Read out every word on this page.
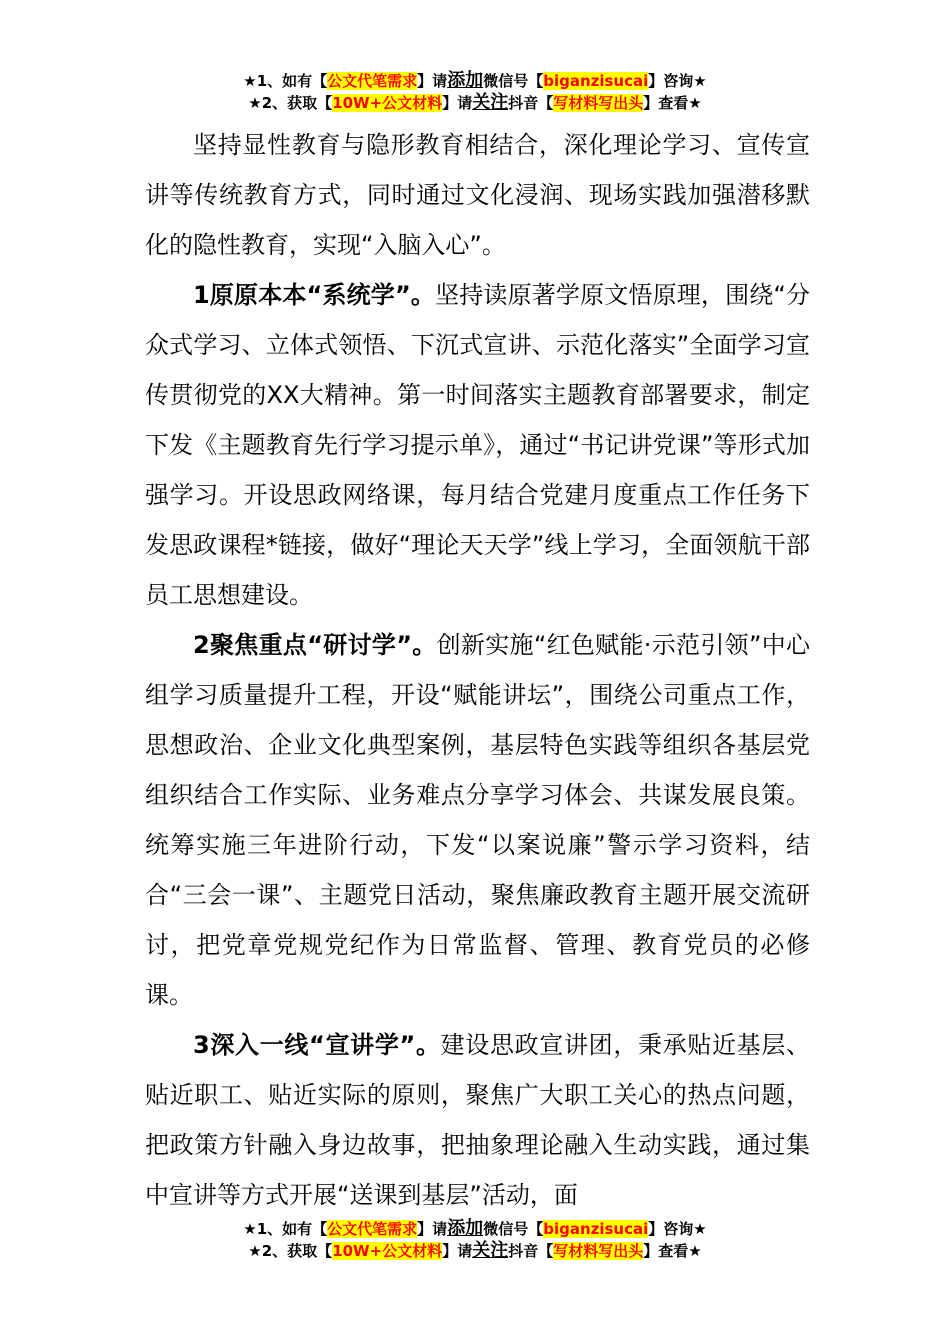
★1、如有【公文代笔需求】请添加微信号【biganzisucai】咨询★
★2、获取【10W+公文材料】请关注抖音【写材料写出头】查看★

坚持显性教育与隐形教育相结合，深化理论学习、宣传宣讲等传统教育方式，同时通过文化浸润、现场实践加强潜移默化的隐性教育，实现“入脑入心”。

1原原本本“系统学”。坚持读原著学原文悟原理，围绕“分众式学习、立体式领悟、下沉式宣讲、示范化落实”全面学习宣传贯彻党的XX大精神。第一时间落实主题教育部署要求，制定下发《主题教育先行学习提示单》，通过“书记讲党课”等形式加强学习。开设思政网络课，每月结合党建月度重点工作任务下发思政课程*链接，做好“理论天天学”线上学习，全面领航干部员工思想建设。

2聚焦重点“研讨学”。创新实施“红色赋能·示范引领”中心组学习质量提升工程，开设“赋能讲坛”，围绕公司重点工作，思想政治、企业文化典型案例，基层特色实践等组织各基层党组织结合工作实际、业务难点分享学习体会、共谋发展良策。统筹实施三年进阶行动，下发“以案说廉”警示学习资料，结合“三会一课”、主题党日活动，聚焦廉政教育主题开展交流研讨，把党章党规党纪作为日常监督、管理、教育党员的必修课。

3深入一线“宣讲学”。建设思政宣讲团，秉承贴近基层、贴近职工、贴近实际的原则，聚焦广大职工关心的热点问题，把政策方针融入身边故事，把抽象理论融入生动实践，通过集中宣讲等方式开展“送课到基层”活动，面

★1、如有【公文代笔需求】请添加微信号【biganzisucai】咨询★
★2、获取【10W+公文材料】请关注抖音【写材料写出头】查看★
